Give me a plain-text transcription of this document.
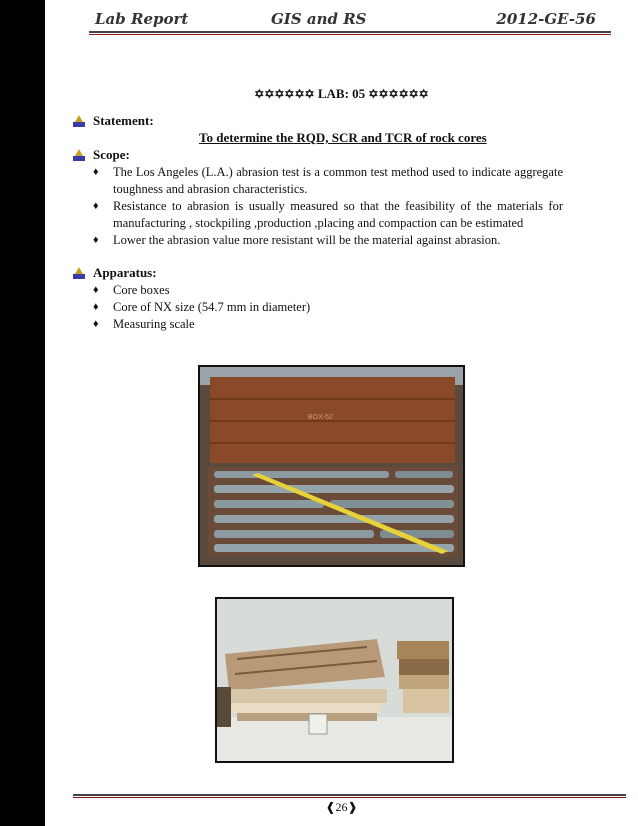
Lab Report	GIS and RS	2012-GE-56
✡✡✡✡✡✡ LAB: 05 ✡✡✡✡✡✡
Statement:
To determine the RQD, SCR and TCR of rock cores
Scope:
♦ The Los Angeles (L.A.) abrasion test is a common test method used to indicate aggregate toughness and abrasion characteristics.
♦ Resistance to abrasion is usually measured so that the feasibility of the materials for manufacturing , stockpiling ,production ,placing and compaction can be estimated
♦ Lower the abrasion value more resistant will be the material against abrasion.
Apparatus:
♦ Core boxes
♦ Core of NX size (54.7 mm in diameter)
♦ Measuring scale
BOX-52
❰26❱
